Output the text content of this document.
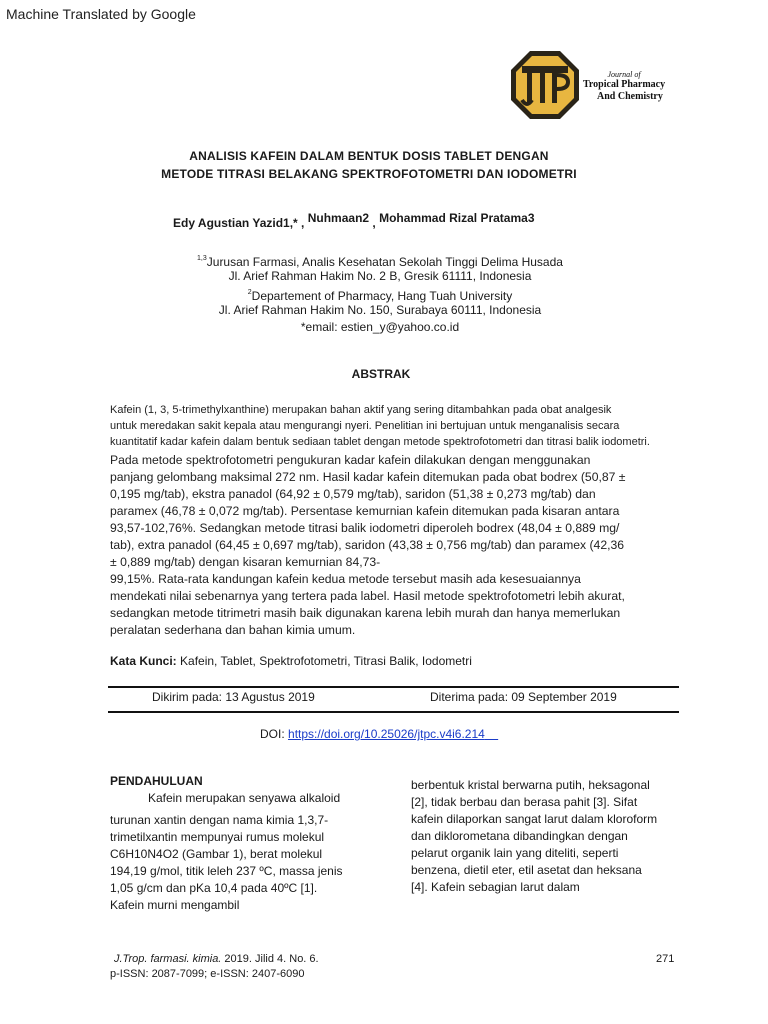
Machine Translated by Google
Journal of
Tropical Pharmacy
And Chemistry
ANALISIS KAFEIN DALAM BENTUK DOSIS TABLET DENGAN
METODE TITRASI BELAKANG SPEKTROFOTOMETRI DAN IODOMETRI
Edy Agustian Yazid1,* , Nuhmaan2 , Mohammad Rizal Pratama3
$^{1,3}$Jurusan Farmasi, Analis Kesehatan Sekolah Tinggi Delima Husada
Jl. Arief Rahman Hakim No. 2 B, Gresik 61111, Indonesia
$^2$Departement of Pharmacy, Hang Tuah University
Jl. Arief Rahman Hakim No. 150, Surabaya 60111, Indonesia
*email: estien_y@yahoo.co.id
ABSTRAK
Kafein (1, 3, 5-trimethylxanthine) merupakan bahan aktif yang sering ditambahkan pada obat analgesik
untuk meredakan sakit kepala atau mengurangi nyeri. Penelitian ini bertujuan untuk menganalisis secara
kuantitatif kadar kafein dalam bentuk sediaan tablet dengan metode spektrofotometri dan titrasi balik iodometri.
Pada metode spektrofotometri pengukuran kadar kafein dilakukan dengan menggunakan
panjang gelombang maksimal 272 nm. Hasil kadar kafein ditemukan pada obat bodrex (50,87 ±
0,195 mg/tab), ekstra panadol (64,92 ± 0,579 mg/tab), saridon (51,38 ± 0,273 mg/tab) dan
paramex (46,78 ± 0,072 mg/tab). Persentase kemurnian kafein ditemukan pada kisaran antara
93,57-102,76%. Sedangkan metode titrasi balik iodometri diperoleh bodrex (48,04 ± 0,889 mg/
tab), extra panadol (64,45 ± 0,697 mg/tab), saridon (43,38 ± 0,756 mg/tab) dan paramex (42,36
± 0,889 mg/tab) dengan kisaran kemurnian 84,73-
99,15%. Rata-rata kandungan kafein kedua metode tersebut masih ada kesesuaiannya
mendekati nilai sebenarnya yang tertera pada label. Hasil metode spektrofotometri lebih akurat,
sedangkan metode titrimetri masih baik digunakan karena lebih murah dan hanya memerlukan
peralatan sederhana dan bahan kimia umum.
Kata Kunci: Kafein, Tablet, Spektrofotometri, Titrasi Balik, Iodometri
Dikirim pada: 13 Agustus 2019	Diterima pada: 09 September 2019
DOI: https://doi.org/10.25026/jtpc.v4i6.214
PENDAHULUAN
Kafein merupakan senyawa alkaloid
turunan xantin dengan nama kimia 1,3,7-
trimetilxantin mempunyai rumus molekul
C6H10N4O2 (Gambar 1), berat molekul
194,19 g/mol, titik leleh 237 ºC, massa jenis
1,05 g/cm dan pKa 10,4 pada 40ºC [1].
Kafein murni mengambil
berbentuk kristal berwarna putih, heksagonal
[2], tidak berbau dan berasa pahit [3]. Sifat
kafein dilaporkan sangat larut dalam kloroform
dan diklorometana dibandingkan dengan
pelarut organik lain yang diteliti, seperti
benzena, dietil eter, etil asetat dan heksana
[4]. Kafein sebagian larut dalam
J.Trop. farmasi. kimia. 2019. Jilid 4. No. 6.
p-ISSN: 2087-7099; e-ISSN: 2407-6090
271
